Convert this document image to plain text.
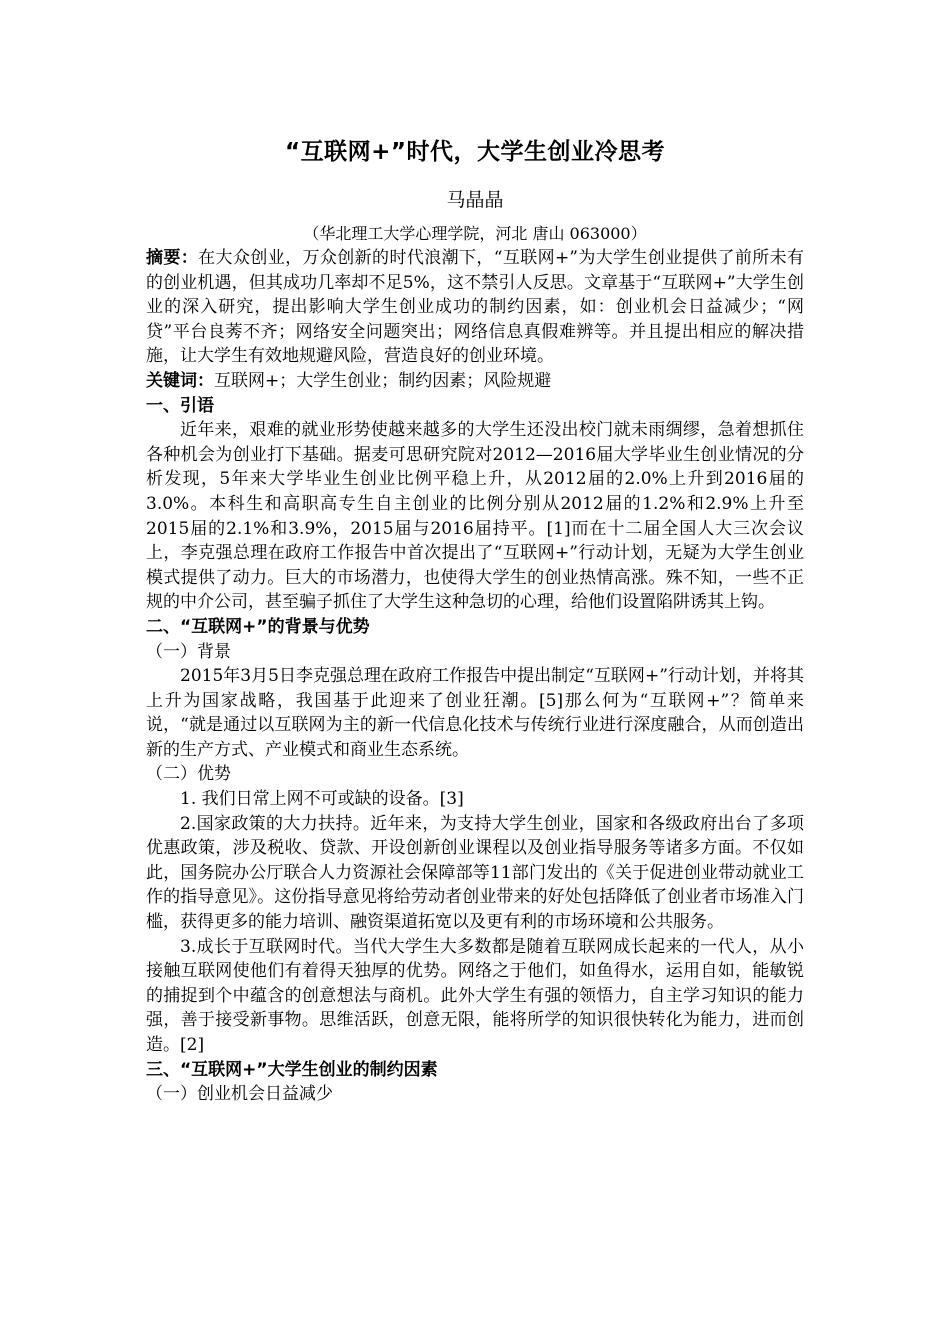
“互联网+”时代，大学生创业冷思考
马晶晶
（华北理工大学心理学院，河北 唐山 063000）

摘要：在大众创业，万众创新的时代浪潮下，“互联网+”为大学生创业提供了前所未有的创业机遇，但其成功几率却不足5%，这不禁引人反思。文章基于“互联网+”大学生创业的深入研究，提出影响大学生创业成功的制约因素，如：创业机会日益减少；“网贷”平台良莠不齐；网络安全问题突出；网络信息真假难辨等。并且提出相应的解决措施，让大学生有效地规避风险，营造良好的创业环境。

关键词：互联网+；大学生创业；制约因素；风险规避

一、引语

近年来，艰难的就业形势使越来越多的大学生还没出校门就未雨绸缪，急着想抓住各种机会为创业打下基础。据麦可思研究院对2012—2016届大学毕业生创业情况的分析发现，5年来大学毕业生创业比例平稳上升，从2012届的2.0%上升到2016届的3.0%。本科生和高职高专生自主创业的比例分别从2012届的1.2%和2.9%上升至2015届的2.1%和3.9%，2015届与2016届持平。[1]而在十二届全国人大三次会议上，李克强总理在政府工作报告中首次提出了“互联网+”行动计划，无疑为大学生创业模式提供了动力。巨大的市场潜力，也使得大学生的创业热情高涨。殊不知，一些不正规的中介公司，甚至骗子抓住了大学生这种急切的心理，给他们设置陷阱诱其上钩。

二、“互联网+”的背景与优势

（一）背景

2015年3月5日李克强总理在政府工作报告中提出制定“互联网+”行动计划，并将其上升为国家战略，我国基于此迎来了创业狂潮。[5]那么何为“互联网+”？简单来说，“就是通过以互联网为主的新一代信息化技术与传统行业进行深度融合，从而创造出新的生产方式、产业模式和商业生态系统。

（二）优势

1. 我们日常上网不可或缺的设备。[3]

2.国家政策的大力扶持。近年来，为支持大学生创业，国家和各级政府出台了多项优惠政策，涉及税收、贷款、开设创新创业课程以及创业指导服务等诸多方面。不仅如此，国务院办公厅联合人力资源社会保障部等11部门发出的《关于促进创业带动就业工作的指导意见》。这份指导意见将给劳动者创业带来的好处包括降低了创业者市场准入门槛，获得更多的能力培训、融资渠道拓宽以及更有利的市场环境和公共服务。

3.成长于互联网时代。当代大学生大多数都是随着互联网成长起来的一代人，从小接触互联网使他们有着得天独厚的优势。网络之于他们，如鱼得水，运用自如，能敏锐的捕捉到个中蕴含的创意想法与商机。此外大学生有强的领悟力，自主学习知识的能力强，善于接受新事物。思维活跃，创意无限，能将所学的知识很快转化为能力，进而创造。[2]

三、“互联网+”大学生创业的制约因素

（一）创业机会日益减少
